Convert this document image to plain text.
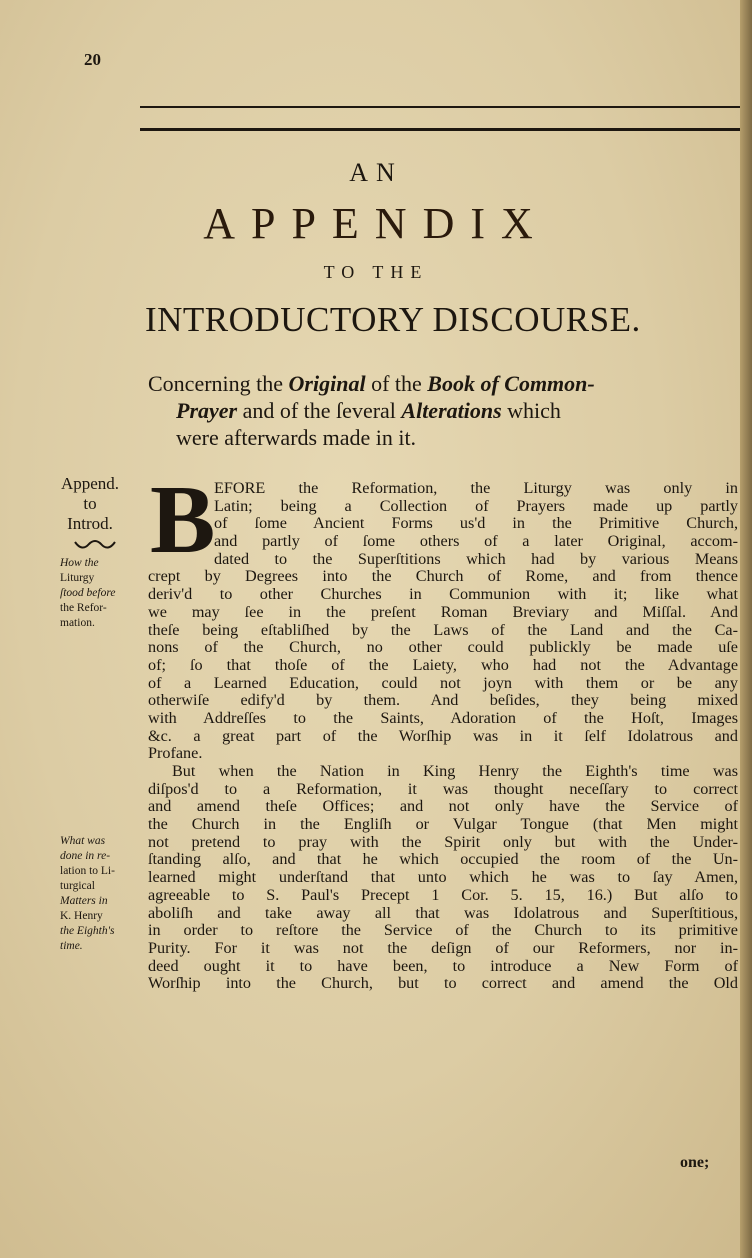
20
AN
APPENDIX
TO THE
INTRODUCTORY DISCOURSE.
Concerning the Original of the Book of Common-
Prayer and of the ſeveral Alterations which
were afterwards made in it.
Append.
to
Introd.
How the
Liturgy
ſtood before
the Refor-
mation.
What was
done in re-
lation to Li-
turgical
Matters in
K. Henry
the Eighth's
time.
B
EFORE the Reformation, the Liturgy was only in
Latin; being a Collection of Prayers made up partly
of ſome Ancient Forms us'd in the Primitive Church,
and partly of ſome others of a later Original, accom-
dated to the Superſtitions which had by various Means
crept by Degrees into the Church of Rome, and from thence
deriv'd to other Churches in Communion with it; like what
we may ſee in the preſent Roman Breviary and Miſſal. And
theſe being eſtabliſhed by the Laws of the Land and the Ca-
nons of the Church, no other could publickly be made uſe
of; ſo that thoſe of the Laiety, who had not the Advantage
of a Learned Education, could not joyn with them or be any
otherwiſe edify'd by them. And beſides, they being mixed
with Addreſſes to the Saints, Adoration of the Hoſt, Images
&c. a great part of the Worſhip was in it ſelf Idolatrous and
Profane.
But when the Nation in King Henry the Eighth's time was
diſpos'd to a Reformation, it was thought neceſſary to correct
and amend theſe Offices; and not only have the Service of
the Church in the Engliſh or Vulgar Tongue (that Men might
not pretend to pray with the Spirit only but with the Under-
ſtanding alſo, and that he which occupied the room of the Un-
learned might underſtand that unto which he was to ſay Amen,
agreeable to S. Paul's Precept 1 Cor. 5. 15, 16.) But alſo to
aboliſh and take away all that was Idolatrous and Superſtitious,
in order to reſtore the Service of the Church to its primitive
Purity. For it was not the deſign of our Reformers, nor in-
deed ought it to have been, to introduce a New Form of
Worſhip into the Church, but to correct and amend the Old
one;
